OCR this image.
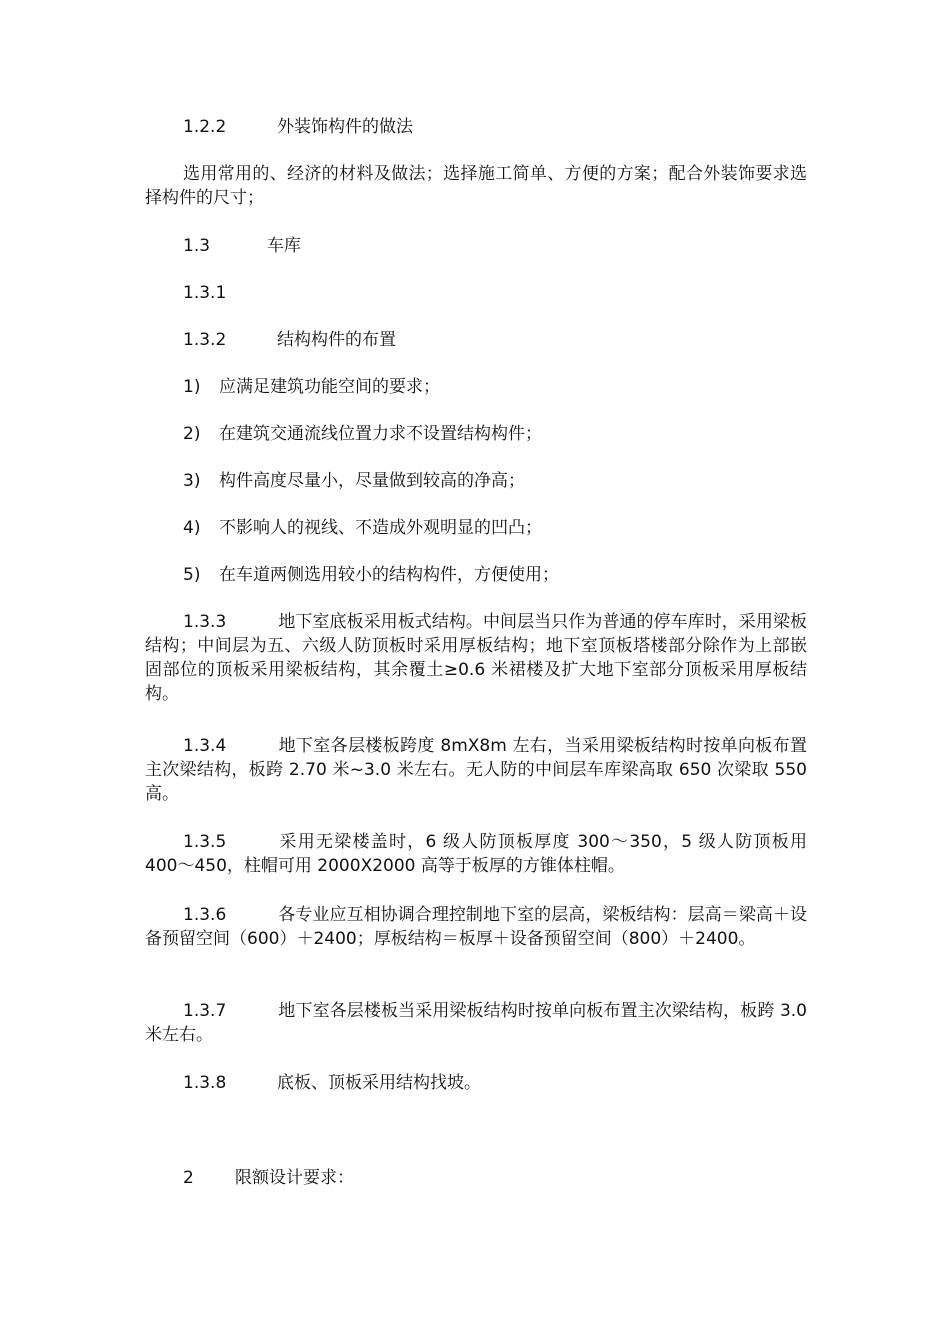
1.2.2	外装饰构件的做法
选用常用的、经济的材料及做法；选择施工简单、方便的方案；配合外装饰要求选择构件的尺寸；
1.3	车库
1.3.1
1.3.2	结构构件的布置
1) 应满足建筑功能空间的要求；
2) 在建筑交通流线位置力求不设置结构构件；
3) 构件高度尽量小，尽量做到较高的净高；
4) 不影响人的视线、不造成外观明显的凹凸；
5) 在车道两侧选用较小的结构构件，方便使用；
1.3.3	地下室底板采用板式结构。中间层当只作为普通的停车库时，采用梁板结构；中间层为五、六级人防顶板时采用厚板结构；地下室顶板塔楼部分除作为上部嵌固部位的顶板采用梁板结构，其余覆土≥0.6 米裙楼及扩大地下室部分顶板采用厚板结构。
1.3.4	地下室各层楼板跨度 8mX8m 左右，当采用梁板结构时按单向板布置主次梁结构，板跨 2.70 米~3.0 米左右。无人防的中间层车库梁高取 650 次梁取 550 高。
1.3.5	采用无梁楼盖时，6 级人防顶板厚度 300～350，5 级人防顶板用 400～450，柱帽可用 2000X2000 高等于板厚的方锥体柱帽。
1.3.6	各专业应互相协调合理控制地下室的层高，梁板结构：层高＝梁高＋设备预留空间（600）＋2400；厚板结构＝板厚＋设备预留空间（800）＋2400。
1.3.7	地下室各层楼板当采用梁板结构时按单向板布置主次梁结构，板跨 3.0 米左右。
1.3.8	底板、顶板采用结构找坡。
2 限额设计要求：
